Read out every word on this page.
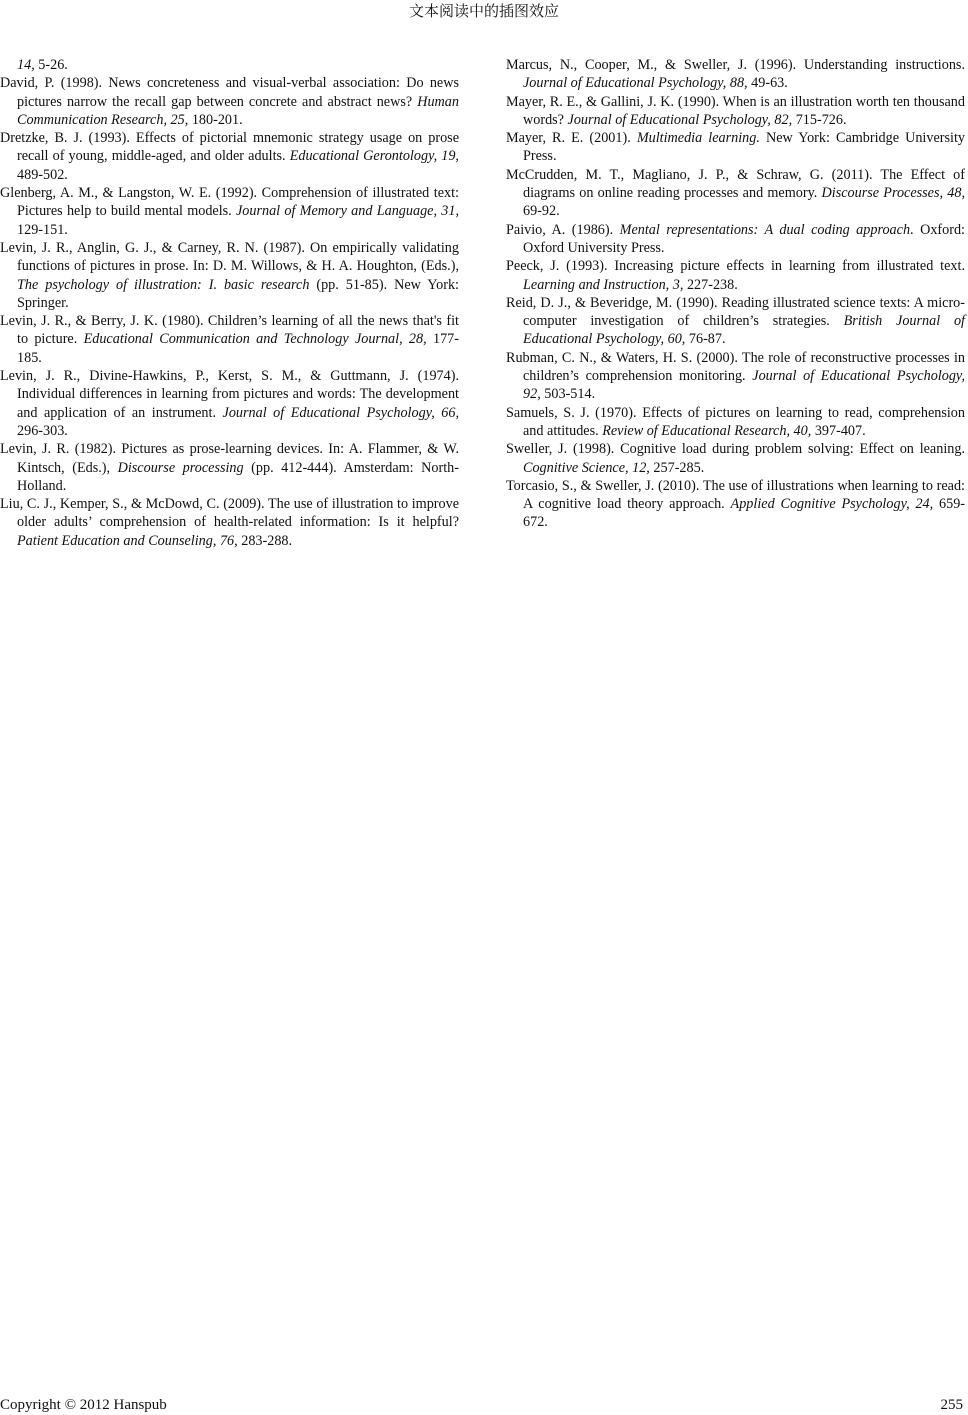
文本阅读中的插图效应

14, 5-26.

David, P. (1998). News concreteness and visual-verbal association: Do news pictures narrow the recall gap between concrete and abstract news? Human Communication Research, 25, 180-201.

Dretzke, B. J. (1993). Effects of pictorial mnemonic strategy usage on prose recall of young, middle-aged, and older adults. Educational Gerontology, 19, 489-502.

Glenberg, A. M., & Langston, W. E. (1992). Comprehension of illustrated text: Pictures help to build mental models. Journal of Memory and Language, 31, 129-151.

Levin, J. R., Anglin, G. J., & Carney, R. N. (1987). On empirically validating functions of pictures in prose. In: D. M. Willows, & H. A. Houghton, (Eds.), The psychology of illustration: I. basic research (pp. 51-85). New York: Springer.

Levin, J. R., & Berry, J. K. (1980). Children’s learning of all the news that's fit to picture. Educational Communication and Technology Journal, 28, 177-185.

Levin, J. R., Divine-Hawkins, P., Kerst, S. M., & Guttmann, J. (1974). Individual differences in learning from pictures and words: The development and application of an instrument. Journal of Educational Psychology, 66, 296-303.

Levin, J. R. (1982). Pictures as prose-learning devices. In: A. Flammer, & W. Kintsch, (Eds.), Discourse processing (pp. 412-444). Amsterdam: North-Holland.

Liu, C. J., Kemper, S., & McDowd, C. (2009). The use of illustration to improve older adults’ comprehension of health-related information: Is it helpful? Patient Education and Counseling, 76, 283-288.

Marcus, N., Cooper, M., & Sweller, J. (1996). Understanding instructions. Journal of Educational Psychology, 88, 49-63.

Mayer, R. E., & Gallini, J. K. (1990). When is an illustration worth ten thousand words? Journal of Educational Psychology, 82, 715-726.

Mayer, R. E. (2001). Multimedia learning. New York: Cambridge University Press.

McCrudden, M. T., Magliano, J. P., & Schraw, G. (2011). The Effect of diagrams on online reading processes and memory. Discourse Processes, 48, 69-92.

Paivio, A. (1986). Mental representations: A dual coding approach. Oxford: Oxford University Press.

Peeck, J. (1993). Increasing picture effects in learning from illustrated text. Learning and Instruction, 3, 227-238.

Reid, D. J., & Beveridge, M. (1990). Reading illustrated science texts: A micro-computer investigation of children’s strategies. British Journal of Educational Psychology, 60, 76-87.

Rubman, C. N., & Waters, H. S. (2000). The role of reconstructive processes in children’s comprehension monitoring. Journal of Educational Psychology, 92, 503-514.

Samuels, S. J. (1970). Effects of pictures on learning to read, comprehension and attitudes. Review of Educational Research, 40, 397-407.

Sweller, J. (1998). Cognitive load during problem solving: Effect on leaning. Cognitive Science, 12, 257-285.

Torcasio, S., & Sweller, J. (2010). The use of illustrations when learning to read: A cognitive load theory approach. Applied Cognitive Psychology, 24, 659-672.

Copyright © 2012 Hanspub	255
